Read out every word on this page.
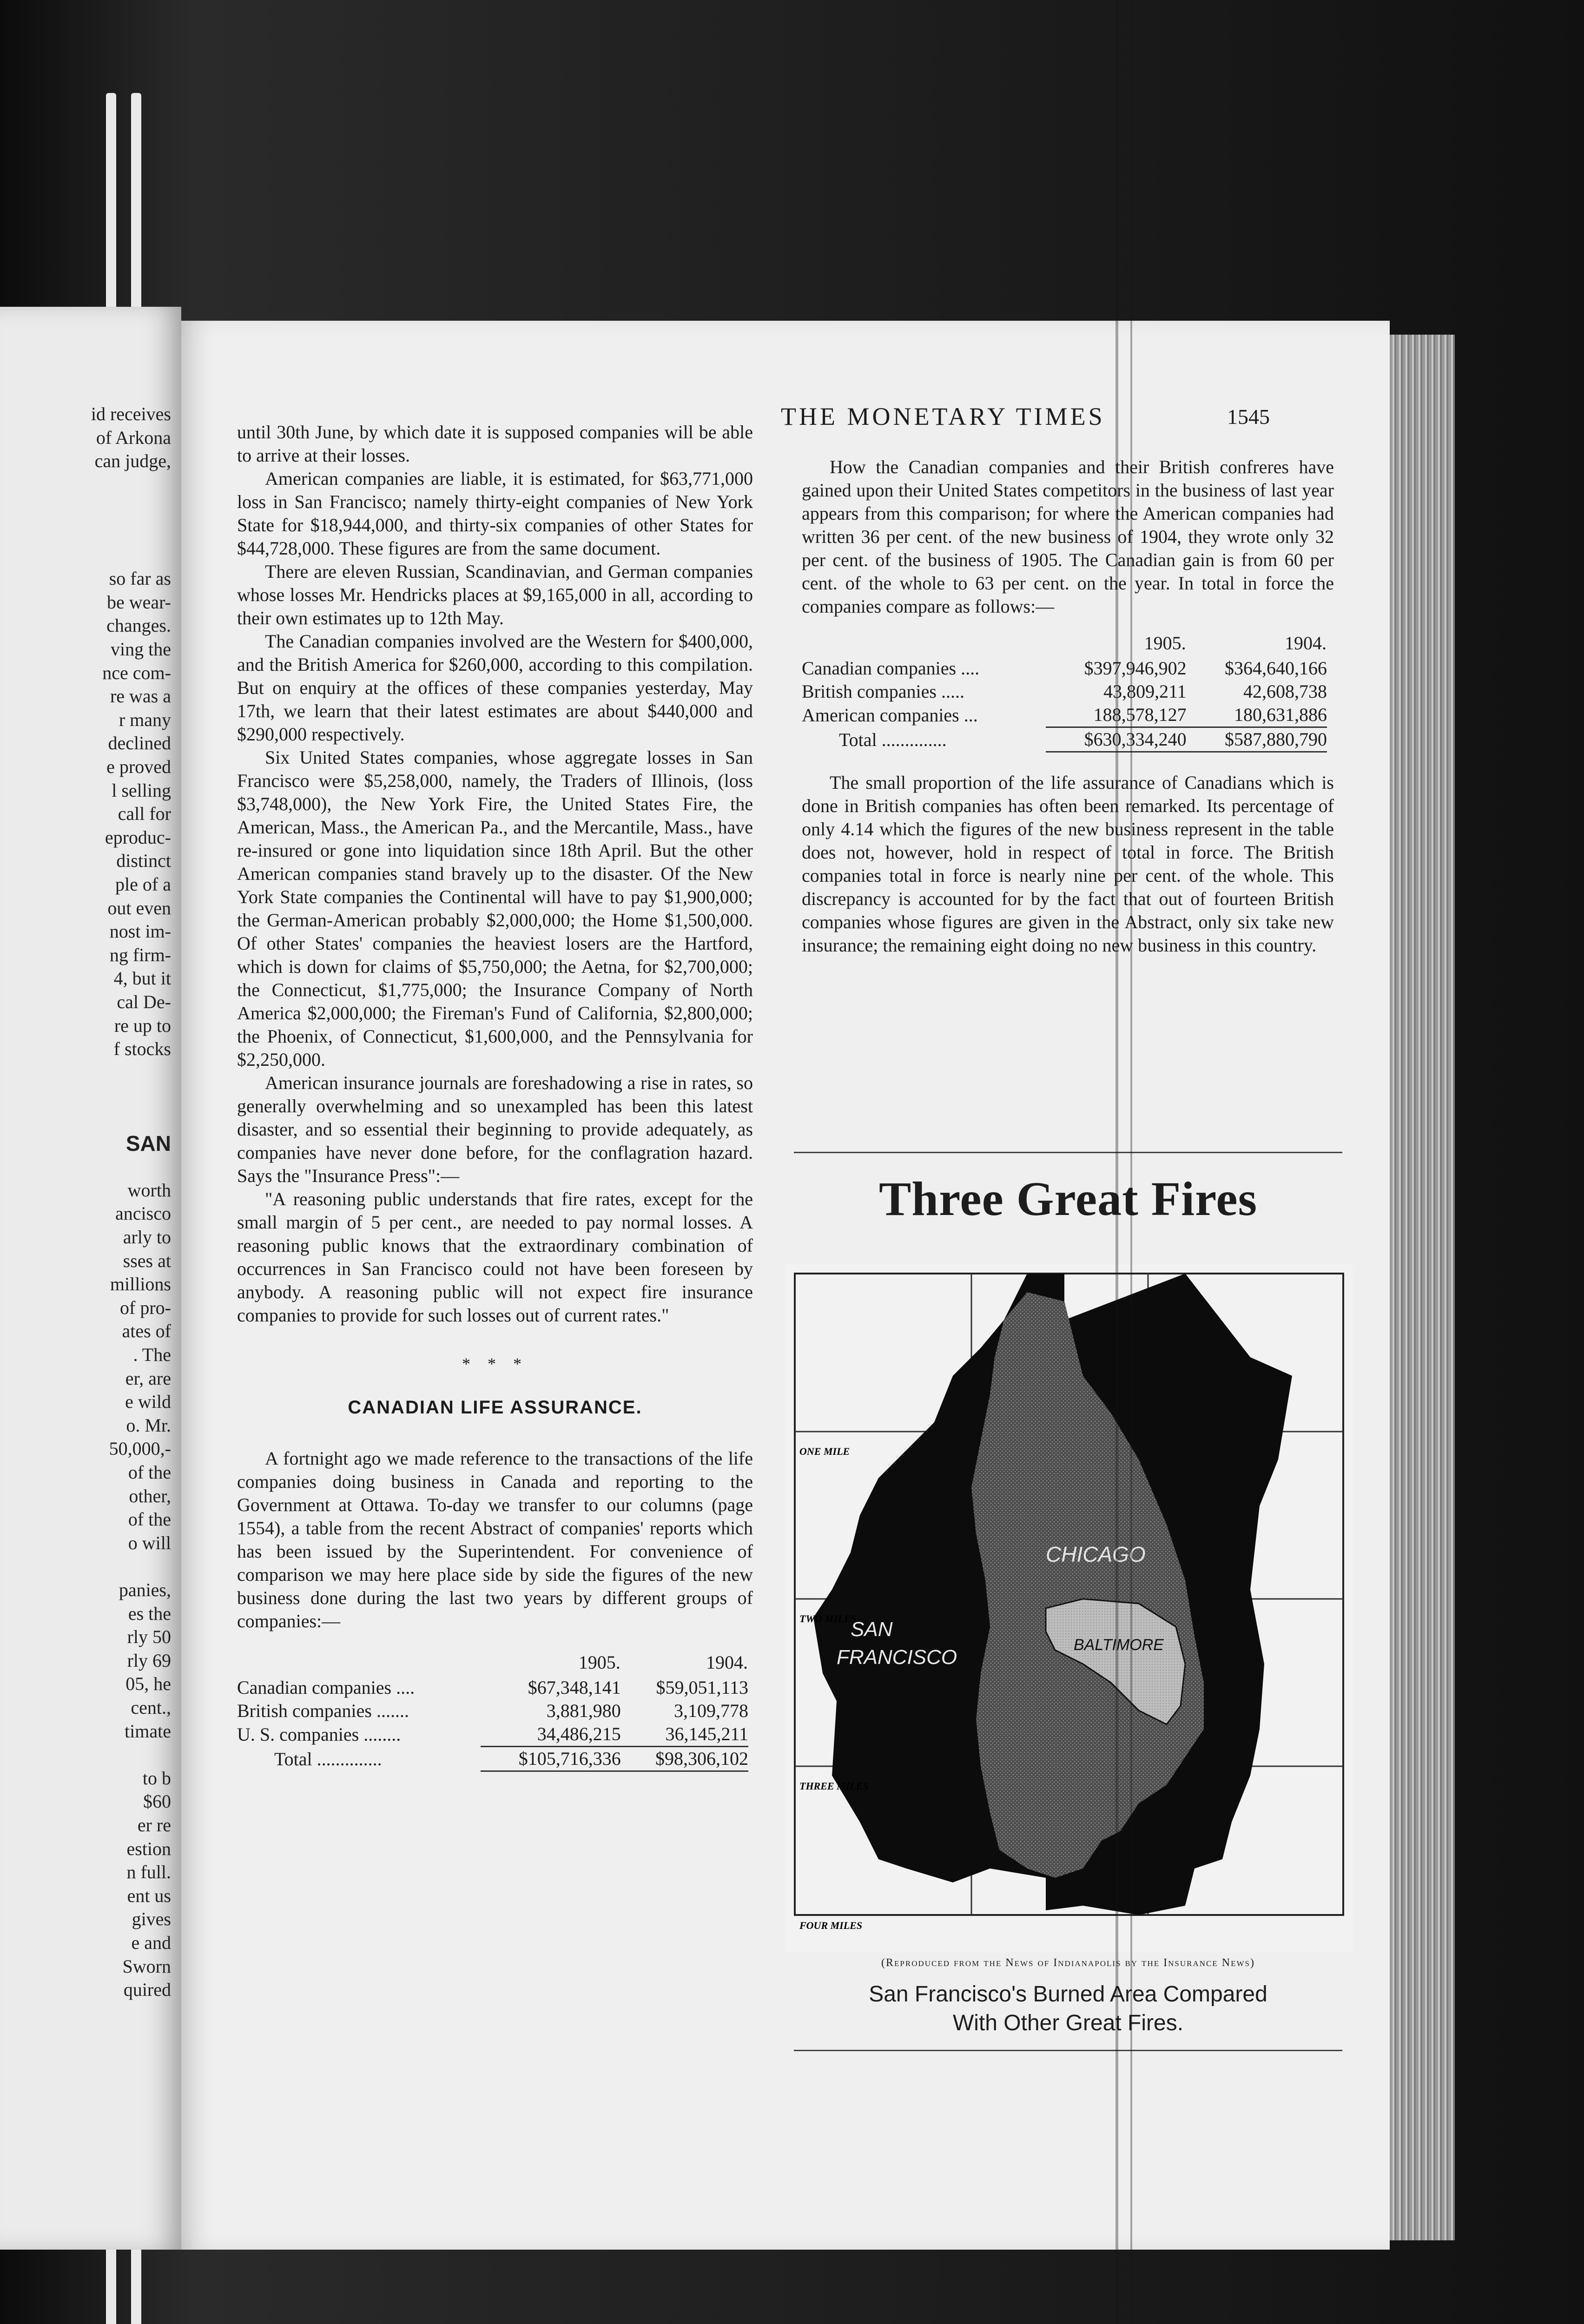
id receives
of Arkona
can judge,
so far as
be wear-
changes.
ving the
nce com-
re was a
r many
declined
e proved
l selling
call for
eproduc-
distinct
ple of a
out even
nost im-
ng firm-
4, but it
cal De-
re up to
f stocks
SAN
worth
ancisco
arly to
sses at
millions
of pro-
ates of
. The
er, are
e wild
o. Mr.
50,000,-
of the
other,
of the
o will
panies,
es the
rly 50
rly 69
05, he
cent.,
timate
to b
$60
er re
estion
n full.
ent us
gives
e and
Sworn
quired
THE MONETARY TIMES	1545

until 30th June, by which date it is supposed companies will be able to arrive at their losses.

American companies are liable, it is estimated, for $63,771,000 loss in San Francisco; namely thirty-eight companies of New York State for $18,944,000, and thirty-six companies of other States for $44,728,000. These figures are from the same document.

There are eleven Russian, Scandinavian, and German companies whose losses Mr. Hendricks places at $9,165,000 in all, according to their own estimates up to 12th May.

The Canadian companies involved are the Western for $400,000, and the British America for $260,000, according to this compilation. But on enquiry at the offices of these companies yesterday, May 17th, we learn that their latest estimates are about $440,000 and $290,000 respectively.

Six United States companies, whose aggregate losses in San Francisco were $5,258,000, namely, the Traders of Illinois, (loss $3,748,000), the New York Fire, the United States Fire, the American, Mass., the American Pa., and the Mercantile, Mass., have re-insured or gone into liquidation since 18th April. But the other American companies stand bravely up to the disaster. Of the New York State companies the Continental will have to pay $1,900,000; the German-American probably $2,000,000; the Home $1,500,000. Of other States' companies the heaviest losers are the Hartford, which is down for claims of $5,750,000; the Aetna, for $2,700,000; the Connecticut, $1,775,000; the Insurance Company of North America $2,000,000; the Fireman's Fund of California, $2,800,000; the Phoenix, of Connecticut, $1,600,000, and the Pennsylvania for $2,250,000.

American insurance journals are foreshadowing a rise in rates, so generally overwhelming and so unexampled has been this latest disaster, and so essential their beginning to provide adequately, as companies have never done before, for the conflagration hazard. Says the "Insurance Press":—

"A reasoning public understands that fire rates, except for the small margin of 5 per cent., are needed to pay normal losses. A reasoning public knows that the extraordinary combination of occurrences in San Francisco could not have been foreseen by anybody. A reasoning public will not expect fire insurance companies to provide for such losses out of current rates."

* * *
CANADIAN LIFE ASSURANCE.

A fortnight ago we made reference to the transactions of the life companies doing business in Canada and reporting to the Government at Ottawa. To-day we transfer to our columns (page 1554), a table from the recent Abstract of companies' reports which has been issued by the Superintendent. For convenience of comparison we may here place side by side the figures of the new business done during the last two years by different groups of companies:—

	1905.	1904.
Canadian companies ....	$67,348,141	$59,051,113
British companies .......	3,881,980	3,109,778
U. S. companies ........	34,486,215	36,145,211

Total ..............	$105,716,336	$98,306,102

How the Canadian companies and their British confreres have gained upon their United States competitors in the business of last year appears from this comparison; for where the American companies had written 36 per cent. of the new business of 1904, they wrote only 32 per cent. of the business of 1905. The Canadian gain is from 60 per cent. of the whole to 63 per cent. on the year. In total in force the companies compare as follows:—

	1905.	1904.
Canadian companies ....	$397,946,902	$364,640,166
British companies .....	43,809,211	42,608,738
American companies ...	188,578,127	180,631,886

Total ..............	$630,334,240	$587,880,790

The small proportion of the life assurance of Canadians which is done in British companies has often been remarked. Its percentage of only 4.14 which the figures of the new business represent in the table does not, however, hold in respect of total in force. The British companies total in force is nearly nine per cent. of the whole. This discrepancy is accounted for by the fact that out of fourteen British companies whose figures are given in the Abstract, only six take new insurance; the remaining eight doing no new business in this country.

Three Great Fires
ONE MILE
TWO MILES
THREE MILES
FOUR MILES
SAN
FRANCISCO
CHICAGO
BALTIMORE
(Reproduced from the News of Indianapolis by the Insurance News)
San Francisco's Burned Area Compared
With Other Great Fires.
